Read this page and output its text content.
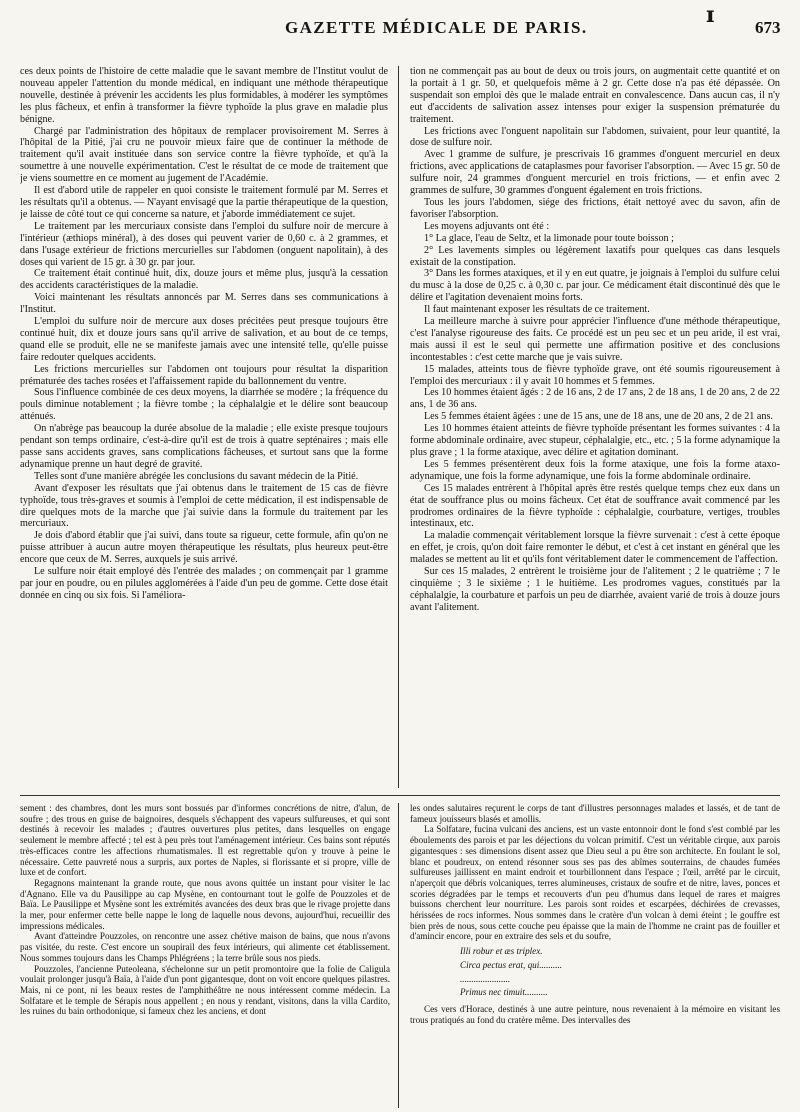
ɪ
GAZETTE MÉDICALE DE PARIS.	673

ces deux points de l'histoire de cette maladie que le savant membre de l'Institut voulut de nouveau appeler l'attention du monde médical, en indiquant une méthode thérapeutique nouvelle, destinée à prévenir les accidents les plus formidables, à modérer les symptômes les plus fâcheux, et enfin à transformer la fièvre typhoïde la plus grave en maladie plus bénigne.

Chargé par l'administration des hôpitaux de remplacer provisoirement M. Serres à l'hôpital de la Pitié, j'ai cru ne pouvoir mieux faire que de continuer la méthode de traitement qu'il avait instituée dans son service contre la fièvre typhoïde, et qu'à la soumettre à une nouvelle expérimentation. C'est le résultat de ce mode de traitement que je viens soumettre en ce moment au jugement de l'Académie.

Il est d'abord utile de rappeler en quoi consiste le traitement formulé par M. Serres et les résultats qu'il a obtenus. — N'ayant envisagé que la partie thérapeutique de la question, je laisse de côté tout ce qui concerne sa nature, et j'aborde immédiatement ce sujet.

Le traitement par les mercuriaux consiste dans l'emploi du sulfure noir de mercure à l'intérieur (æthiops minéral), à des doses qui peuvent varier de 0,60 c. à 2 grammes, et dans l'usage extérieur de frictions mercurielles sur l'abdomen (onguent napolitain), à des doses qui varient de 15 gr. à 30 gr. par jour.

Ce traitement était continué huit, dix, douze jours et même plus, jusqu'à la cessation des accidents caractéristiques de la maladie.

Voici maintenant les résultats annoncés par M. Serres dans ses communications à l'Institut.

L'emploi du sulfure noir de mercure aux doses précitées peut presque toujours être continué huit, dix et douze jours sans qu'il arrive de salivation, et au bout de ce temps, quand elle se produit, elle ne se manifeste jamais avec une intensité telle, qu'elle puisse faire redouter quelques accidents.

Les frictions mercurielles sur l'abdomen ont toujours pour résultat la disparition prématurée des taches rosées et l'affaissement rapide du ballonnement du ventre.

Sous l'influence combinée de ces deux moyens, la diarrhée se modère ; la fréquence du pouls diminue notablement ; la fièvre tombe ; la céphalalgie et le délire sont beaucoup atténués.

On n'abrège pas beaucoup la durée absolue de la maladie ; elle existe presque toujours pendant son temps ordinaire, c'est-à-dire qu'il est de trois à quatre septénaires ; mais elle passe sans accidents graves, sans complications fâcheuses, et surtout sans que la forme adynamique prenne un haut degré de gravité.

Telles sont d'une manière abrégée les conclusions du savant médecin de la Pitié.

Avant d'exposer les résultats que j'ai obtenus dans le traitement de 15 cas de fièvre typhoïde, tous très-graves et soumis à l'emploi de cette médication, il est indispensable de dire quelques mots de la marche que j'ai suivie dans la formule du traitement par les mercuriaux.

Je dois d'abord établir que j'ai suivi, dans toute sa rigueur, cette formule, afin qu'on ne puisse attribuer à aucun autre moyen thérapeutique les résultats, plus heureux peut-être encore que ceux de M. Serres, auxquels je suis arrivé.

Le sulfure noir était employé dès l'entrée des malades ; on commençait par 1 gramme par jour en poudre, ou en pilules agglomérées à l'aide d'un peu de gomme. Cette dose était donnée en cinq ou six fois. Si l'améliora-

tion ne commençait pas au bout de deux ou trois jours, on augmentait cette quantité et on la portait à 1 gr. 50, et quelquefois même à 2 gr. Cette dose n'a pas été dépassée. On suspendait son emploi dès que le malade entrait en convalescence. Dans aucun cas, il n'y eut d'accidents de salivation assez intenses pour exiger la suspension prématurée du traitement.

Les frictions avec l'onguent napolitain sur l'abdomen, suivaient, pour leur quantité, la dose de sulfure noir.

Avec 1 gramme de sulfure, je prescrivais 16 grammes d'onguent mercuriel en deux frictions, avec applications de cataplasmes pour favoriser l'absorption. — Avec 15 gr. 50 de sulfure noir, 24 grammes d'onguent mercuriel en trois frictions, — et enfin avec 2 grammes de sulfure, 30 grammes d'onguent également en trois frictions.

Tous les jours l'abdomen, siége des frictions, était nettoyé avec du savon, afin de favoriser l'absorption.

Les moyens adjuvants ont été :

1° La glace, l'eau de Seltz, et la limonade pour toute boisson ;

2° Les lavements simples ou légèrement laxatifs pour quelques cas dans lesquels existait de la constipation.

3° Dans les formes ataxiques, et il y en eut quatre, je joignais à l'emploi du sulfure celui du musc à la dose de 0,25 c. à 0,30 c. par jour. Ce médicament était discontinué dès que le délire et l'agitation devenaient moins forts.

Il faut maintenant exposer les résultats de ce traitement.

La meilleure marche à suivre pour apprécier l'influence d'une méthode thérapeutique, c'est l'analyse rigoureuse des faits. Ce procédé est un peu sec et un peu aride, il est vrai, mais aussi il est le seul qui permette une affirmation positive et des conclusions incontestables : c'est cette marche que je vais suivre.

15 malades, atteints tous de fièvre typhoïde grave, ont été soumis rigoureusement à l'emploi des mercuriaux : il y avait 10 hommes et 5 femmes.

Les 10 hommes étaient âgés : 2 de 16 ans, 2 de 17 ans, 2 de 18 ans, 1 de 20 ans, 2 de 22 ans, 1 de 36 ans.

Les 5 femmes étaient âgées : une de 15 ans, une de 18 ans, une de 20 ans, 2 de 21 ans.

Les 10 hommes étaient atteints de fièvre typhoïde présentant les formes suivantes : 4 la forme abdominale ordinaire, avec stupeur, céphalalgie, etc., etc. ; 5 la forme adynamique la plus grave ; 1 la forme ataxique, avec délire et agitation dominant.

Les 5 femmes présentèrent deux fois la forme ataxique, une fois la forme ataxo-adynamique, une fois la forme adynamique, une fois la forme abdominale ordinaire.

Ces 15 malades entrèrent à l'hôpital après être restés quelque temps chez eux dans un état de souffrance plus ou moins fâcheux. Cet état de souffrance avait commencé par les prodromes ordinaires de la fièvre typhoïde : céphalalgie, courbature, vertiges, troubles intestinaux, etc.

La maladie commençait véritablement lorsque la fièvre survenait : c'est à cette époque en effet, je crois, qu'on doit faire remonter le début, et c'est à cet instant en général que les malades se mettent au lit et qu'ils font véritablement dater le commencement de l'affection.

Sur ces 15 malades, 2 entrèrent le troisième jour de l'alitement ; 2 le quatrième ; 7 le cinquième ; 3 le sixième ; 1 le huitième. Les prodromes vagues, constitués par la céphalalgie, la courbature et parfois un peu de diarrhée, avaient varié de trois à douze jours avant l'alitement.

sement : des chambres, dont les murs sont bossués par d'informes concrétions de nitre, d'alun, de soufre ; des trous en guise de baignoires, desquels s'échappent des vapeurs sulfureuses, et qui sont destinés à recevoir les malades ; d'autres ouvertures plus petites, dans lesquelles on engage seulement le membre affecté ; tel est à peu près tout l'aménagement intérieur. Ces bains sont réputés très-efficaces contre les affections rhumatismales. Il est regrettable qu'on y trouve à peine le nécessaire. Cette pauvreté nous a surpris, aux portes de Naples, si florissante et si propre, ville de luxe et de confort.

Regagnons maintenant la grande route, que nous avons quittée un instant pour visiter le lac d'Agnano. Elle va du Pausilippe au cap Mysène, en contournant tout le golfe de Pouzzoles et de Baïa. Le Pausilippe et Mysène sont les extrémités avancées des deux bras que le rivage projette dans la mer, pour enfermer cette belle nappe le long de laquelle nous devons, aujourd'hui, recueillir des impressions médicales.

Avant d'atteindre Pouzzoles, on rencontre une assez chétive maison de bains, que nous n'avons pas visitée, du reste. C'est encore un soupirail des feux intérieurs, qui alimente cet établissement. Nous sommes toujours dans les Champs Phlégréens ; la terre brûle sous nos pieds.

Pouzzoles, l'ancienne Puteoleana, s'échelonne sur un petit promontoire que la folie de Caligula voulait prolonger jusqu'à Baïa, à l'aide d'un pont gigantesque, dont on voit encore quelques pilastres. Mais, ni ce pont, ni les beaux restes de l'amphithéâtre ne nous intéressent comme médecin. La Solfatare et le temple de Sérapis nous appellent ; en nous y rendant, visitons, dans la villa Cardito, les ruines du bain orthodonique, si fameux chez les anciens, et dont

les ondes salutaires reçurent le corps de tant d'illustres personnages malades et lassés, et de tant de fameux jouisseurs blasés et amollis.

La Solfatare, fucina vulcani des anciens, est un vaste entonnoir dont le fond s'est comblé par les éboulements des parois et par les déjections du volcan primitif. C'est un véritable cirque, aux parois gigantesques : ses dimensions disent assez que Dieu seul a pu être son architecte. En foulant le sol, blanc et poudreux, on entend résonner sous ses pas des abîmes souterrains, de chaudes fumées sulfureuses jaillissent en maint endroit et tourbillonnent dans l'espace ; l'œil, arrêté par le circuit, n'aperçoit que débris volcaniques, terres alumineuses, cristaux de soufre et de nitre, laves, ponces et scories dégradées par le temps et recouverts d'un peu d'humus dans lequel de rares et maigres buissons cherchent leur nourriture. Les parois sont roides et escarpées, déchirées de crevasses, hérissées de rocs informes. Nous sommes dans le cratère d'un volcan à demi éteint ; le gouffre est bien près de nous, sous cette couche peu épaisse que la main de l'homme ne craint pas de fouiller et d'amincir encore, pour en extraire des sels et du soufre,

Illi robur et æs triplex.
Circa pectus erat, qui..........
......................
Primus nec timuit..........

Ces vers d'Horace, destinés à une autre peinture, nous revenaient à la mémoire en visitant les trous pratiqués au fond du cratère même. Des intervalles des
